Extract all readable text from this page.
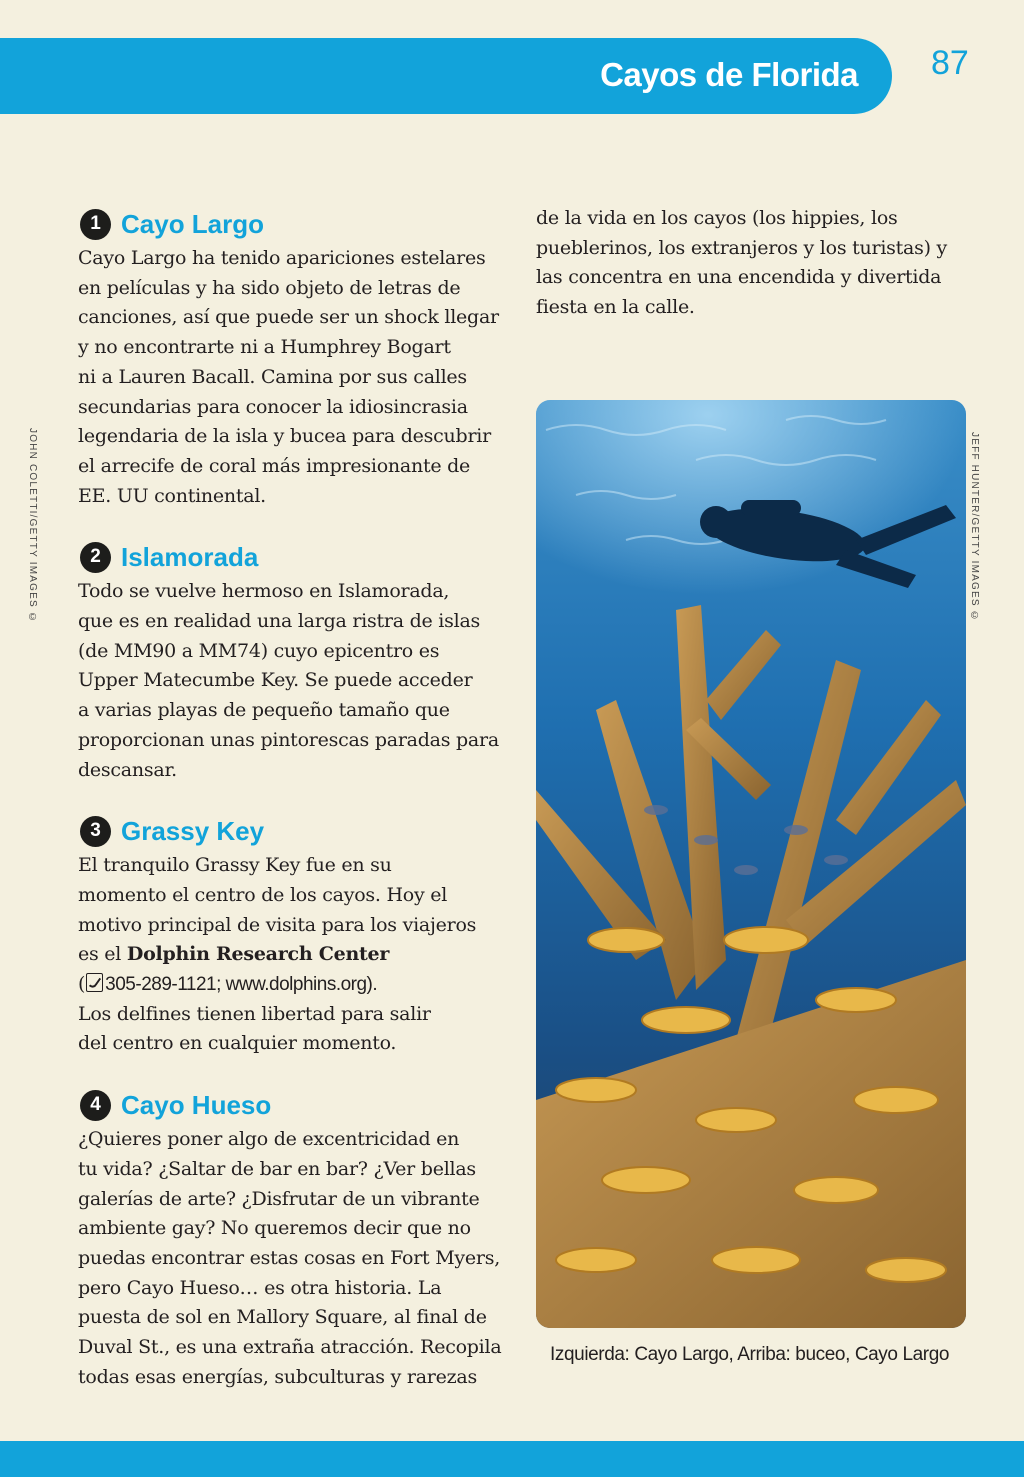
Cayos de Florida 87
JOHN COLETTI/GETTY IMAGES ©	JEFF HUNTER/GETTY IMAGES ©
1 Cayo Largo
Cayo Largo ha tenido apariciones estelares
en películas y ha sido objeto de letras de
canciones, así que puede ser un shock llegar
y no encontrarte ni a Humphrey Bogart
ni a Lauren Bacall. Camina por sus calles
secundarias para conocer la idiosincrasia
legendaria de la isla y bucea para descubrir
el arrecife de coral más impresionante de
EE. UU continental.
2 Islamorada
Todo se vuelve hermoso en Islamorada,
que es en realidad una larga ristra de islas
(de MM90 a MM74) cuyo epicentro es
Upper Matecumbe Key. Se puede acceder
a varias playas de pequeño tamaño que
proporcionan unas pintorescas paradas para
descansar.
3 Grassy Key
El tranquilo Grassy Key fue en su
momento el centro de los cayos. Hoy el
motivo principal de visita para los viajeros
es el Dolphin Research Center
( 305-289-1121; www.dolphins.org).
Los delfines tienen libertad para salir
del centro en cualquier momento.
4 Cayo Hueso
¿Quieres poner algo de excentricidad en
tu vida? ¿Saltar de bar en bar? ¿Ver bellas
galerías de arte? ¿Disfrutar de un vibrante
ambiente gay? No queremos decir que no
puedas encontrar estas cosas en Fort Myers,
pero Cayo Hueso… es otra historia. La
puesta de sol en Mallory Square, al final de
Duval St., es una extraña atracción. Recopila
todas esas energías, subculturas y rarezas
de la vida en los cayos (los hippies, los
pueblerinos, los extranjeros y los turistas) y
las concentra en una encendida y divertida
fiesta en la calle.
Izquierda: Cayo Largo, Arriba: buceo, Cayo Largo
